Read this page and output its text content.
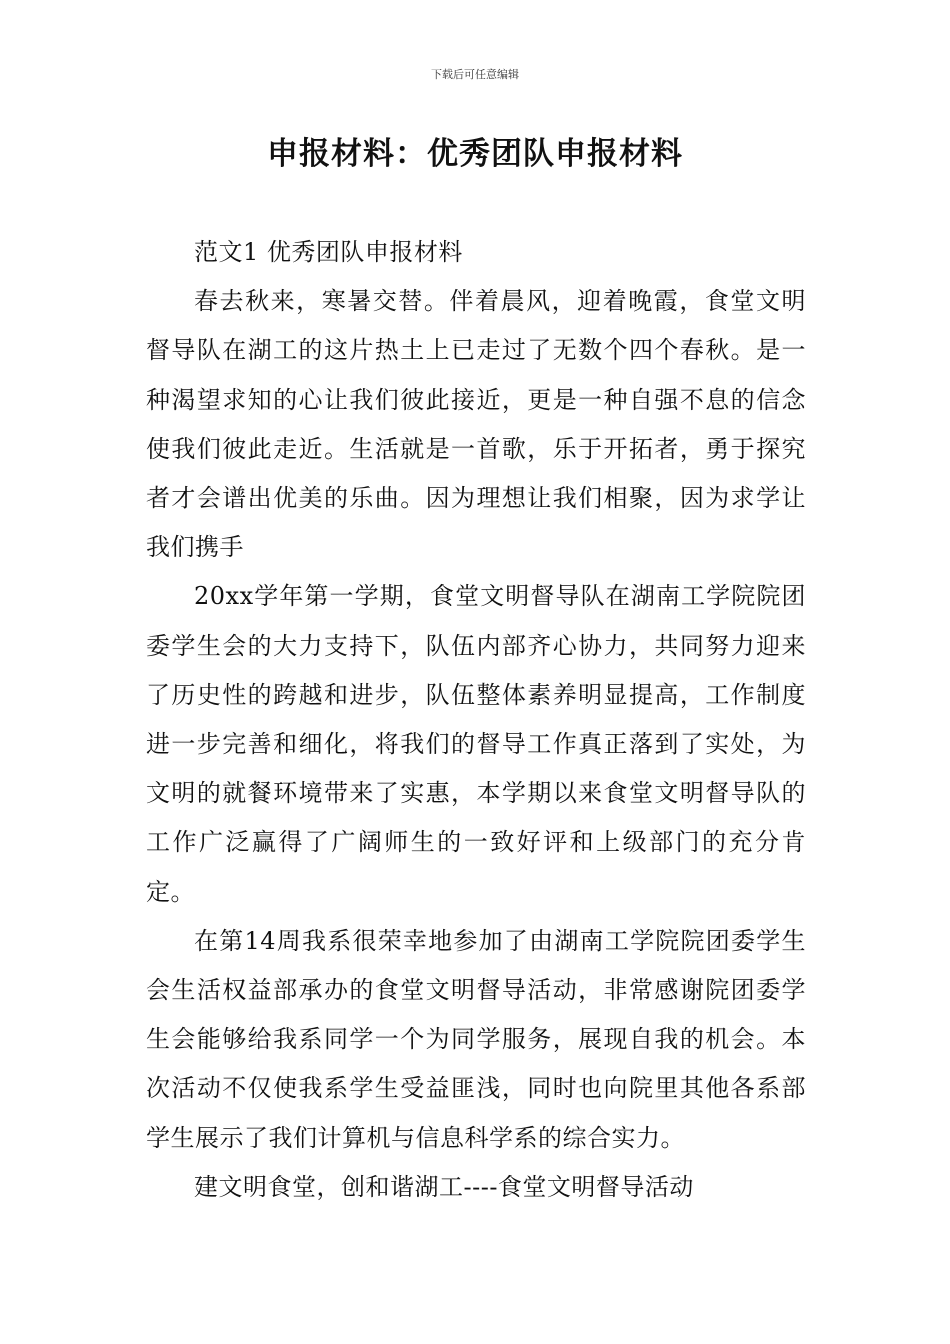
下载后可任意编辑
申报材料：优秀团队申报材料

范文1 优秀团队申报材料

春去秋来，寒暑交替。伴着晨风，迎着晚霞，食堂文明督导队在湖工的这片热土上已走过了无数个四个春秋。是一种渴望求知的心让我们彼此接近，更是一种自强不息的信念使我们彼此走近。生活就是一首歌，乐于开拓者，勇于探究者才会谱出优美的乐曲。因为理想让我们相聚，因为求学让我们携手

20xx学年第一学期，食堂文明督导队在湖南工学院院团委学生会的大力支持下，队伍内部齐心协力，共同努力迎来了历史性的跨越和进步，队伍整体素养明显提高，工作制度进一步完善和细化，将我们的督导工作真正落到了实处，为文明的就餐环境带来了实惠，本学期以来食堂文明督导队的工作广泛赢得了广阔师生的一致好评和上级部门的充分肯定。

在第14周我系很荣幸地参加了由湖南工学院院团委学生会生活权益部承办的食堂文明督导活动，非常感谢院团委学生会能够给我系同学一个为同学服务，展现自我的机会。本次活动不仅使我系学生受益匪浅，同时也向院里其他各系部学生展示了我们计算机与信息科学系的综合实力。

建文明食堂，创和谐湖工----食堂文明督导活动
